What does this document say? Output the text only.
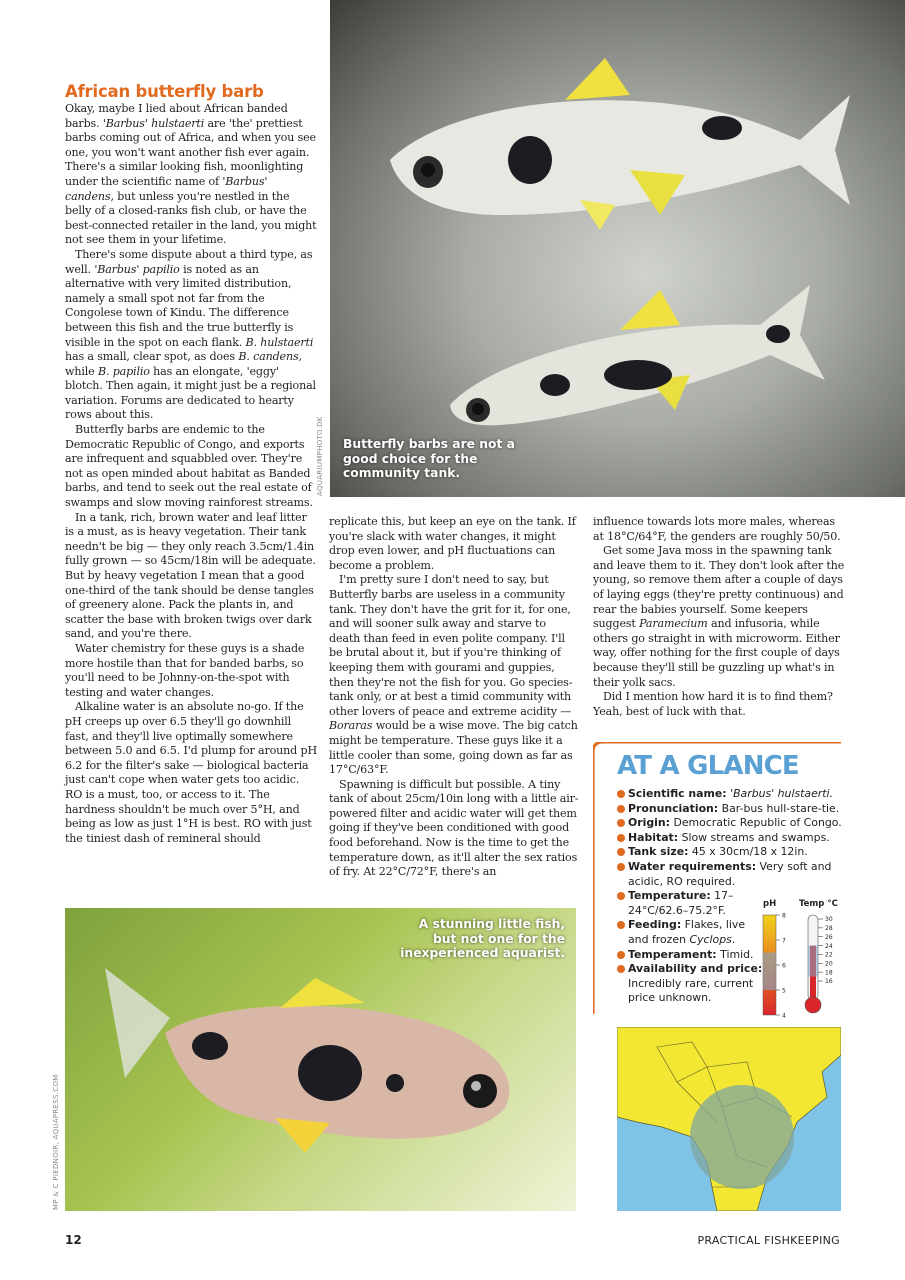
AQUARIUMPHOTO.DK Butterfly barbs are not a good choice for the community tank.
African butterfly barb

Okay, maybe I lied about African banded barbs. 'Barbus' hulstaerti are 'the' prettiest barbs coming out of Africa, and when you see one, you won't want another fish ever again. There's a similar looking fish, moonlighting under the scientific name of 'Barbus' candens, but unless you're nestled in the belly of a closed-ranks fish club, or have the best-connected retailer in the land, you might not see them in your lifetime.

There's some dispute about a third type, as well. 'Barbus' papilio is noted as an alternative with very limited distribution, namely a small spot not far from the Congolese town of Kindu. The difference between this fish and the true butterfly is visible in the spot on each flank. B. hulstaerti has a small, clear spot, as does B. candens, while B. papilio has an elongate, 'eggy' blotch. Then again, it might just be a regional variation. Forums are dedicated to hearty rows about this.

Butterfly barbs are endemic to the Democratic Republic of Congo, and exports are infrequent and squabbled over. They're not as open minded about habitat as Banded barbs, and tend to seek out the real estate of swamps and slow moving rainforest streams.

In a tank, rich, brown water and leaf litter is a must, as is heavy vegetation. Their tank needn't be big — they only reach 3.5cm/1.4in fully grown — so 45cm/18in will be adequate. But by heavy vegetation I mean that a good one-third of the tank should be dense tangles of greenery alone. Pack the plants in, and scatter the base with broken twigs over dark sand, and you're there.

Water chemistry for these guys is a shade more hostile than that for banded barbs, so you'll need to be Johnny-on-the-spot with testing and water changes.

Alkaline water is an absolute no-go. If the pH creeps up over 6.5 they'll go downhill fast, and they'll live optimally somewhere between 5.0 and 6.5. I'd plump for around pH 6.2 for the filter's sake — biological bacteria just can't cope when water gets too acidic. RO is a must, too, or access to it. The hardness shouldn't be much over 5°H, and being as low as just 1°H is best. RO with just the tiniest dash of remineral should

replicate this, but keep an eye on the tank. If you're slack with water changes, it might drop even lower, and pH fluctuations can become a problem.

I'm pretty sure I don't need to say, but Butterfly barbs are useless in a community tank. They don't have the grit for it, for one, and will sooner sulk away and starve to death than feed in even polite company. I'll be brutal about it, but if you're thinking of keeping them with gourami and guppies, then they're not the fish for you. Go species-tank only, or at best a timid community with other lovers of peace and extreme acidity — Boraras would be a wise move. The big catch might be temperature. These guys like it a little cooler than some, going down as far as 17°C/63°F.

Spawning is difficult but possible. A tiny tank of about 25cm/10in long with a little air-powered filter and acidic water will get them going if they've been conditioned with good food beforehand. Now is the time to get the temperature down, as it'll alter the sex ratios of fry. At 22°C/72°F, there's an

influence towards lots more males, whereas at 18°C/64°F, the genders are roughly 50/50.

Get some Java moss in the spawning tank and leave them to it. They don't look after the young, so remove them after a couple of days of laying eggs (they're pretty continuous) and rear the babies yourself. Some keepers suggest Paramecium and infusoria, while others go straight in with microworm. Either way, offer nothing for the first couple of days because they'll still be guzzling up what's in their yolk sacs.

Did I mention how hard it is to find them? Yeah, best of luck with that.

MP & C PIEDNOIR, AQUAPRESS.COM
A stunning little fish, but not one for the inexperienced aquarist.
AT A GLANCE
Scientific name: 'Barbus' hulstaerti.
Pronunciation: Bar-bus hull-stare-tie.
Origin: Democratic Republic of Congo.
Habitat: Slow streams and swamps.
Tank size: 45 x 30cm/18 x 12in.
Water requirements: Very soft and acidic, RO required.
Temperature: 17–24°C/62.6–75.2°F.
Feeding: Flakes, live and frozen Cyclops.
Temperament: Timid.
Availability and price: Incredibly rare, current price unknown.
pH	Temp °C
8
7
6
5
4
30
28
26
24
22
20
18
16
12	PRACTICAL FISHKEEPING
